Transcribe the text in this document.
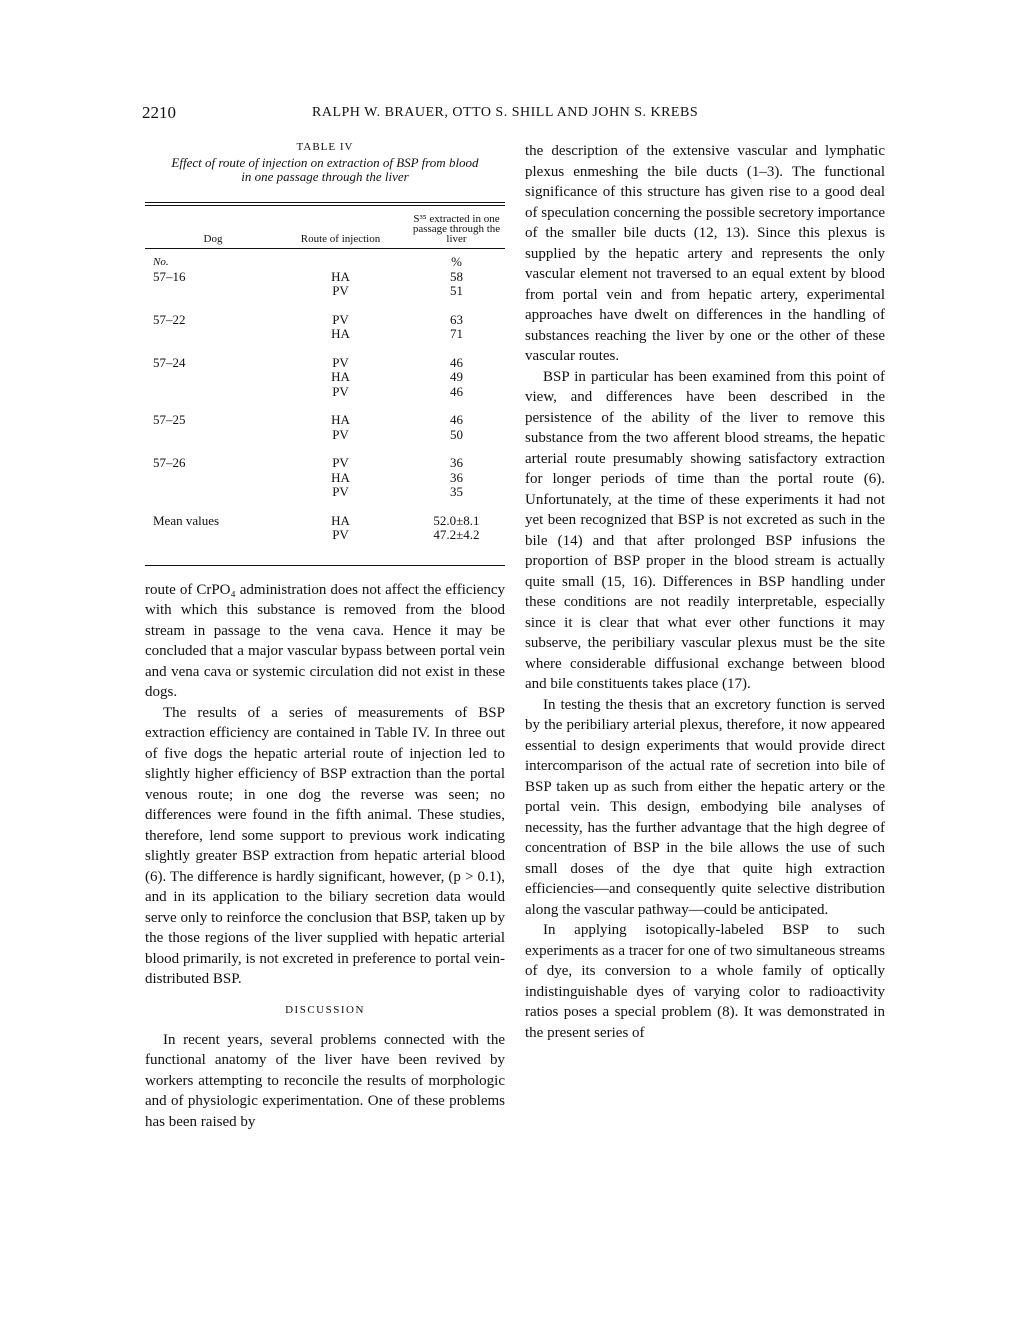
2210	RALPH W. BRAUER, OTTO S. SHILL AND JOHN S. KREBS
TABLE IV
Effect of route of injection on extraction of BSP from blood in one passage through the liver
Dog	Route of injection	S³⁵ extracted in one passage through the liver

No.		%
57–16	HA	58
	PV	51

57–22	PV	63
	HA	71

57–24	PV	46
	HA	49
	PV	46

57–25	HA	46
	PV	50

57–26	PV	36
	HA	36
	PV	35

Mean values	HA	52.0±8.1
	PV	47.2±4.2

route of CrPO₄ administration does not affect the efficiency with which this substance is removed from the blood stream in passage to the vena cava. Hence it may be concluded that a major vascular bypass between portal vein and vena cava or systemic circulation did not exist in these dogs.

The results of a series of measurements of BSP extraction efficiency are contained in Table IV. In three out of five dogs the hepatic arterial route of injection led to slightly higher efficiency of BSP extraction than the portal venous route; in one dog the reverse was seen; no differences were found in the fifth animal. These studies, therefore, lend some support to previous work indicating slightly greater BSP extraction from hepatic arterial blood (6). The difference is hardly significant, however, (p > 0.1), and in its application to the biliary secretion data would serve only to reinforce the conclusion that BSP, taken up by the those regions of the liver supplied with hepatic arterial blood primarily, is not excreted in preference to portal vein-distributed BSP.

DISCUSSION

In recent years, several problems connected with the functional anatomy of the liver have been revived by workers attempting to reconcile the results of morphologic and of physiologic experimentation. One of these problems has been raised by

the description of the extensive vascular and lymphatic plexus enmeshing the bile ducts (1–3). The functional significance of this structure has given rise to a good deal of speculation concerning the possible secretory importance of the smaller bile ducts (12, 13). Since this plexus is supplied by the hepatic artery and represents the only vascular element not traversed to an equal extent by blood from portal vein and from hepatic artery, experimental approaches have dwelt on differences in the handling of substances reaching the liver by one or the other of these vascular routes.

BSP in particular has been examined from this point of view, and differences have been described in the persistence of the ability of the liver to remove this substance from the two afferent blood streams, the hepatic arterial route presumably showing satisfactory extraction for longer periods of time than the portal route (6). Unfortunately, at the time of these experiments it had not yet been recognized that BSP is not excreted as such in the bile (14) and that after prolonged BSP infusions the proportion of BSP proper in the blood stream is actually quite small (15, 16). Differences in BSP handling under these conditions are not readily interpretable, especially since it is clear that what ever other functions it may subserve, the peribiliary vascular plexus must be the site where considerable diffusional exchange between blood and bile constituents takes place (17).

In testing the thesis that an excretory function is served by the peribiliary arterial plexus, therefore, it now appeared essential to design experiments that would provide direct intercomparison of the actual rate of secretion into bile of BSP taken up as such from either the hepatic artery or the portal vein. This design, embodying bile analyses of necessity, has the further advantage that the high degree of concentration of BSP in the bile allows the use of such small doses of the dye that quite high extraction efficiencies—and consequently quite selective distribution along the vascular pathway—could be anticipated.

In applying isotopically-labeled BSP to such experiments as a tracer for one of two simultaneous streams of dye, its conversion to a whole family of optically indistinguishable dyes of varying color to radioactivity ratios poses a special problem (8). It was demonstrated in the present series of
